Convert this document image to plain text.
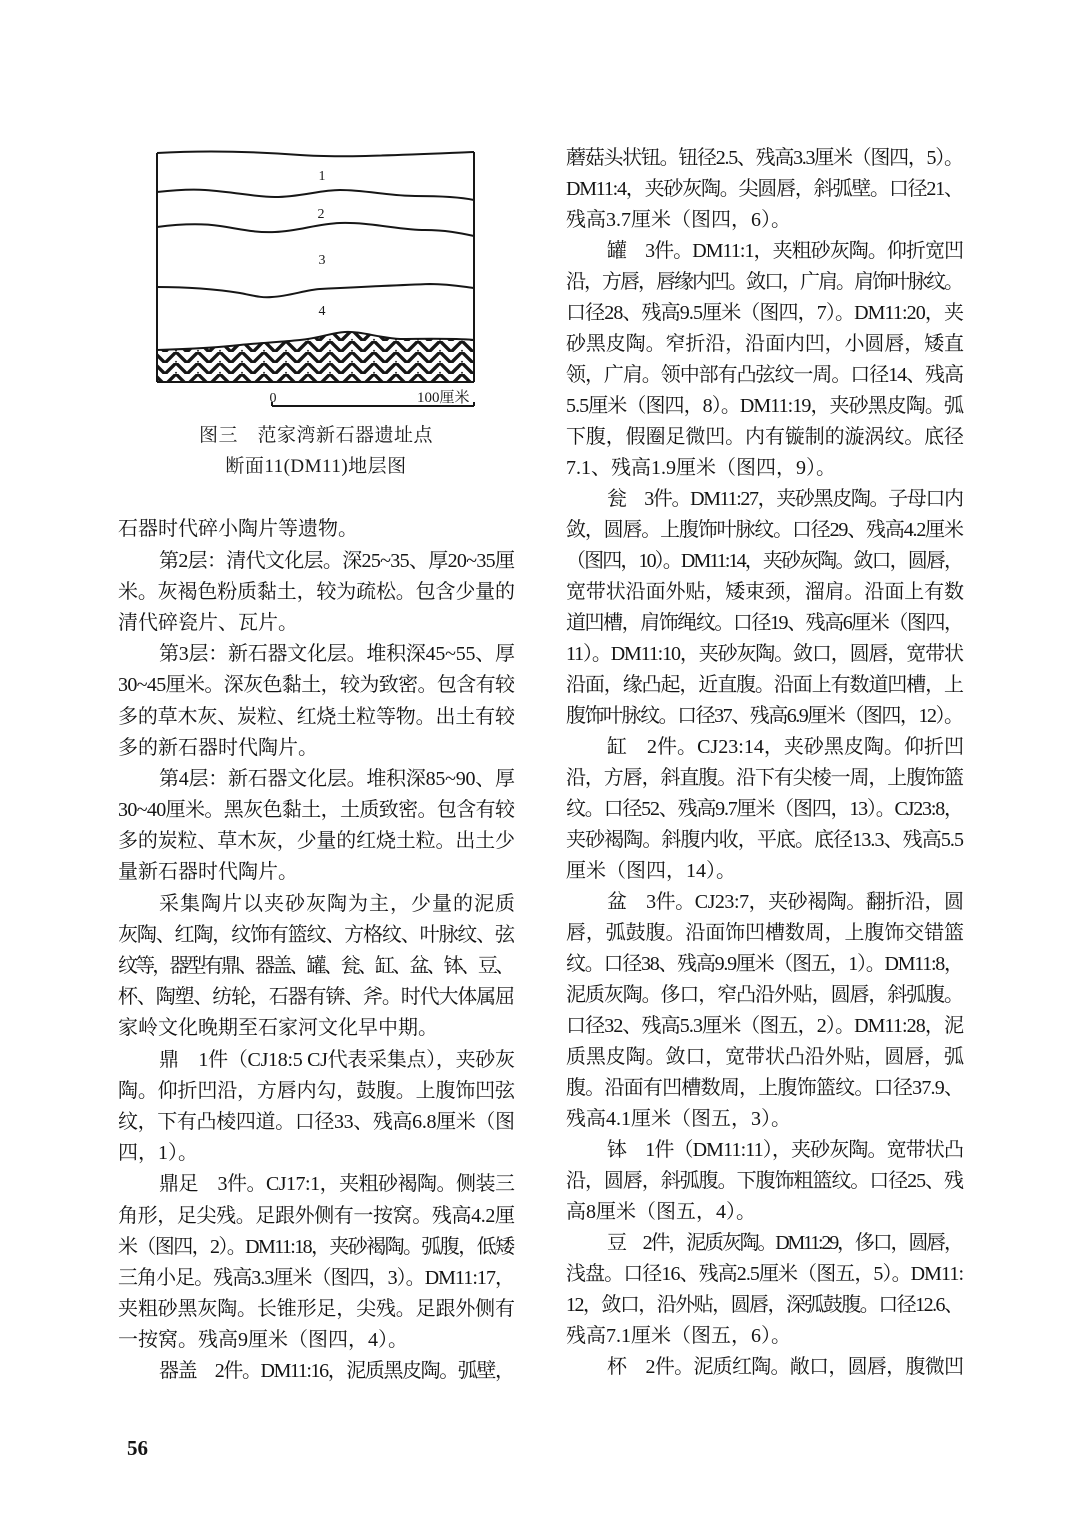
1
2
3
4
0	100厘米
图三　范家湾新石器遗址点
断面11(DM11)地层图
石器时代碎小陶片等遗物。
第2层：清代文化层。深25~35、厚20~35厘
米。灰褐色粉质黏土，较为疏松。包含少量的
清代碎瓷片、瓦片。
第3层：新石器文化层。堆积深45~55、厚
30~45厘米。深灰色黏土，较为致密。包含有较
多的草木灰、炭粒、红烧土粒等物。出土有较
多的新石器时代陶片。
第4层：新石器文化层。堆积深85~90、厚
30~40厘米。黑灰色黏土，土质致密。包含有较
多的炭粒、草木灰，少量的红烧土粒。出土少
量新石器时代陶片。
采集陶片以夹砂灰陶为主，少量的泥质
灰陶、红陶，纹饰有篮纹、方格纹、叶脉纹、弦
纹等，器型有鼎、器盖、罐、瓮、缸、盆、钵、豆、
杯、陶塑、纺轮，石器有锛、斧。时代大体属屈
家岭文化晚期至石家河文化早中期。
鼎　1件（CJ18:5 CJ代表采集点），夹砂灰
陶。仰折凹沿，方唇内勾，鼓腹。上腹饰凹弦
纹，下有凸棱四道。口径33、残高6.8厘米（图
四，1）。
鼎足　3件。CJ17:1，夹粗砂褐陶。侧装三
角形，足尖残。足跟外侧有一按窝。残高4.2厘
米（图四，2）。DM11:18，夹砂褐陶。弧腹，低矮
三角小足。残高3.3厘米（图四，3）。DM11:17，
夹粗砂黑灰陶。长锥形足，尖残。足跟外侧有
一按窝。残高9厘米（图四，4）。
器盖　2件。DM11:16，泥质黑皮陶。弧壁，
蘑菇头状钮。钮径2.5、残高3.3厘米（图四，5）。
DM11:4，夹砂灰陶。尖圆唇，斜弧壁。口径21、
残高3.7厘米（图四，6）。
罐　3件。DM11:1，夹粗砂灰陶。仰折宽凹
沿，方唇，唇缘内凹。敛口，广肩。肩饰叶脉纹。
口径28、残高9.5厘米（图四，7）。DM11:20，夹
砂黑皮陶。窄折沿，沿面内凹，小圆唇，矮直
领，广肩。领中部有凸弦纹一周。口径14、残高
5.5厘米（图四，8）。DM11:19，夹砂黑皮陶。弧
下腹，假圈足微凹。内有镟制的漩涡纹。底径
7.1、残高1.9厘米（图四，9）。
瓮　3件。DM11:27，夹砂黑皮陶。子母口内
敛，圆唇。上腹饰叶脉纹。口径29、残高4.2厘米
（图四，10）。DM11:14，夹砂灰陶。敛口，圆唇，
宽带状沿面外贴，矮束颈，溜肩。沿面上有数
道凹槽，肩饰绳纹。口径19、残高6厘米（图四，
11）。DM11:10，夹砂灰陶。敛口，圆唇，宽带状
沿面，缘凸起，近直腹。沿面上有数道凹槽，上
腹饰叶脉纹。口径37、残高6.9厘米（图四，12）。
缸　2件。CJ23:14，夹砂黑皮陶。仰折凹
沿，方唇，斜直腹。沿下有尖棱一周，上腹饰篮
纹。口径52、残高9.7厘米（图四，13）。CJ23:8，
夹砂褐陶。斜腹内收，平底。底径13.3、残高5.5
厘米（图四，14）。
盆　3件。CJ23:7，夹砂褐陶。翻折沿，圆
唇，弧鼓腹。沿面饰凹槽数周，上腹饰交错篮
纹。口径38、残高9.9厘米（图五，1）。DM11:8，
泥质灰陶。侈口，窄凸沿外贴，圆唇，斜弧腹。
口径32、残高5.3厘米（图五，2）。DM11:28，泥
质黑皮陶。敛口，宽带状凸沿外贴，圆唇，弧
腹。沿面有凹槽数周，上腹饰篮纹。口径37.9、
残高4.1厘米（图五，3）。
钵　1件（DM11:11），夹砂灰陶。宽带状凸
沿，圆唇，斜弧腹。下腹饰粗篮纹。口径25、残
高8厘米（图五，4）。
豆　2件，泥质灰陶。DM11:29，侈口，圆唇，
浅盘。口径16、残高2.5厘米（图五，5）。DM11:
12，敛口，沿外贴，圆唇，深弧鼓腹。口径12.6、
残高7.1厘米（图五，6）。
杯　2件。泥质红陶。敞口，圆唇，腹微凹
56
